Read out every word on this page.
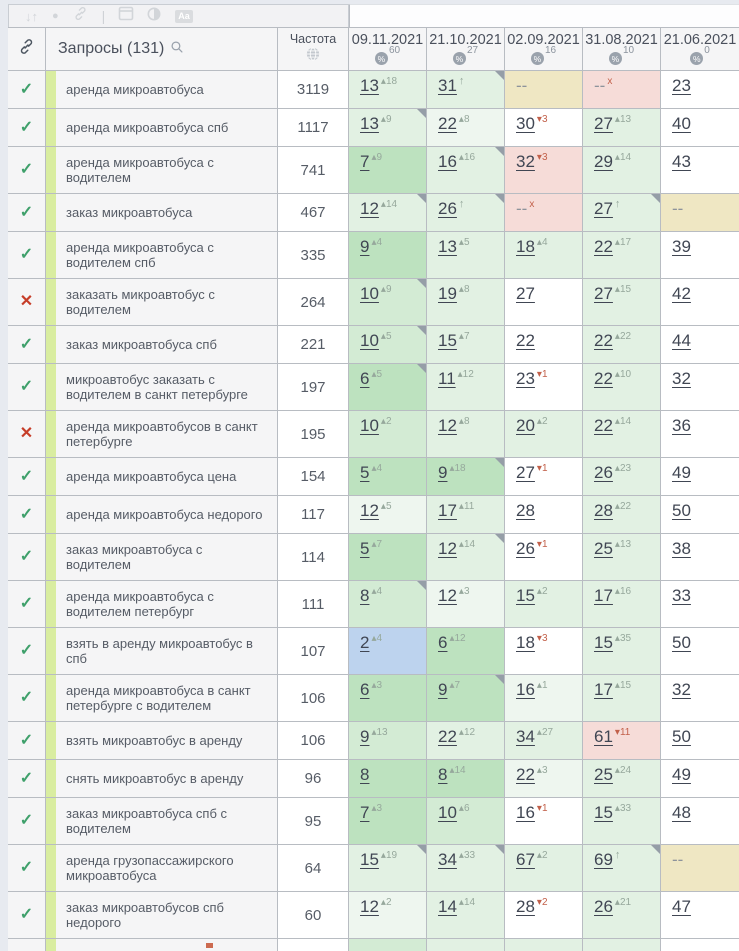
↓↑ ●	|	Aa
Запросы (131)
Частота 09.11.2021
%$^{60}$
21.10.2021
%$^{27}$
02.09.2021
%$^{16}$
31.08.2021
%$^{10}$
21.06.2021
%$^0$
✓	аренда микроавтобуса	3119	13 $^{▴18}$	31 ↑	--	-- $^x$	23
✓	аренда микроавтобуса спб	1117	13 $^{▴9}$	22 $^{▴8}$	30 $^{▾3}$	27 $^{▴13}$	40
✓	аренда микроавтобуса с водителем	741	7 $^{▴9}$	16 $^{▴16}$	32 $^{▾3}$	29 $^{▴14}$	43
✓	заказ микроавтобуса	467	12 $^{▴14}$	26 ↑	-- $^x$	27 ↑	--
✓	аренда микроавтобуса с водителем спб	335	9 $^{▴4}$	13 $^{▴5}$	18 $^{▴4}$	22 $^{▴17}$	39
✕	заказать микроавтобус с водителем	264	10 $^{▴9}$	19 $^{▴8}$	27	27 $^{▴15}$	42
✓	заказ микроавтобуса спб	221	10 $^{▴5}$	15 $^{▴7}$	22	22 $^{▴22}$	44
✓	микроавтобус заказать с водителем в санкт петербурге	197	6 $^{▴5}$	11 $^{▴12}$	23 $^{▾1}$	22 $^{▴10}$	32
✕	аренда микроавтобусов в санкт петербурге	195	10 $^{▴2}$	12 $^{▴8}$	20 $^{▴2}$	22 $^{▴14}$	36
✓	аренда микроавтобуса цена	154	5 $^{▴4}$	9 $^{▴18}$	27 $^{▾1}$	26 $^{▴23}$	49
✓	аренда микроавтобуса недорого	117	12 $^{▴5}$	17 $^{▴11}$	28	28 $^{▴22}$	50
✓	заказ микроавтобуса с водителем	114	5 $^{▴7}$	12 $^{▴14}$	26 $^{▾1}$	25 $^{▴13}$	38
✓	аренда микроавтобуса с водителем петербург	111	8 $^{▴4}$	12 $^{▴3}$	15 $^{▴2}$	17 $^{▴16}$	33
✓	взять в аренду микроавтобус в спб	107	2 $^{▴4}$	6 $^{▴12}$	18 $^{▾3}$	15 $^{▴35}$	50
✓	аренда микроавтобуса в санкт петербурге с водителем	106	6 $^{▴3}$	9 $^{▴7}$	16 $^{▴1}$	17 $^{▴15}$	32
✓	взять микроавтобус в аренду	106	9 $^{▴13}$	22 $^{▴12}$	34 $^{▴27}$	61 $^{▾11}$	50
✓	снять микроавтобус в аренду	96	8	8 $^{▴14}$	22 $^{▴3}$	25 $^{▴24}$	49
✓	заказ микроавтобуса спб с водителем	95	7 $^{▴3}$	10 $^{▴6}$	16 $^{▾1}$	15 $^{▴33}$	48
✓	аренда грузопассажирского микроавтобуса	64	15 $^{▴19}$	34 $^{▴33}$	67 $^{▴2}$	69 ↑	--
✓	заказ микроавтобусов спб недорого	60	12 $^{▴2}$	14 $^{▴14}$	28 $^{▾2}$	26 $^{▴21}$	47
